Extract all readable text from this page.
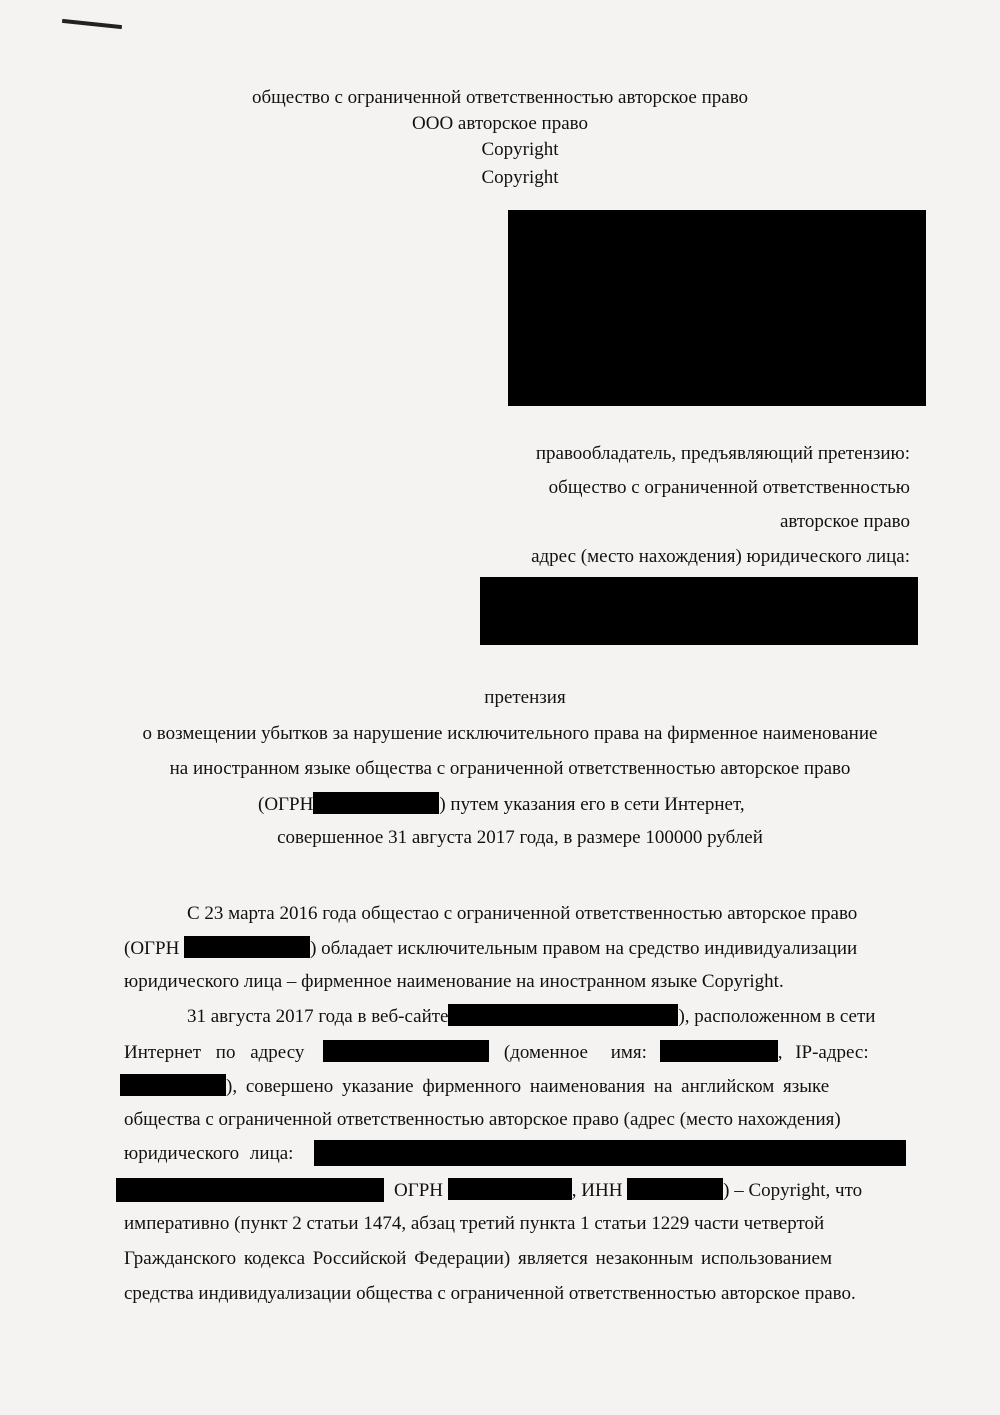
общество с ограниченной ответственностью авторское право
ООО авторское право
Copyright
Copyright
правообладатель, предъявляющий претензию:
общество с ограниченной ответственностью
авторское право
адрес (место нахождения) юридического лица:
претензия
о возмещении убытков за нарушение исключительного права на фирменное наименование
на иностранном языке общества с ограниченной ответственностью авторское право
(ОГРН	) путем указания его в сети Интернет,
совершенное 31 августа 2017 года, в размере 100000 рублей
С 23 марта 2016 года общестао с ограниченной ответственностью авторское право
(ОГРН	) обладает исключительным правом на средство индивидуализации
юридического лица – фирменное наименование на иностранном языке Copyright.
31 августа 2017 года в веб-сайте	), расположенном в сети
Интернет по адресу	(доменное имя:	, IP-адрес:
), совершено указание фирменного наименования на английском языке
общества с ограниченной ответственностью авторское право (адрес (место нахождения)
юридического лица:
ОГРН	, ИНН	) – Copyright, что
императивно (пункт 2 статьи 1474, абзац третий пункта 1 статьи 1229 части четвертой
Гражданского кодекса Российской Федерации) является незаконным использованием
средства индивидуализации общества с ограниченной ответственностью авторское право.
